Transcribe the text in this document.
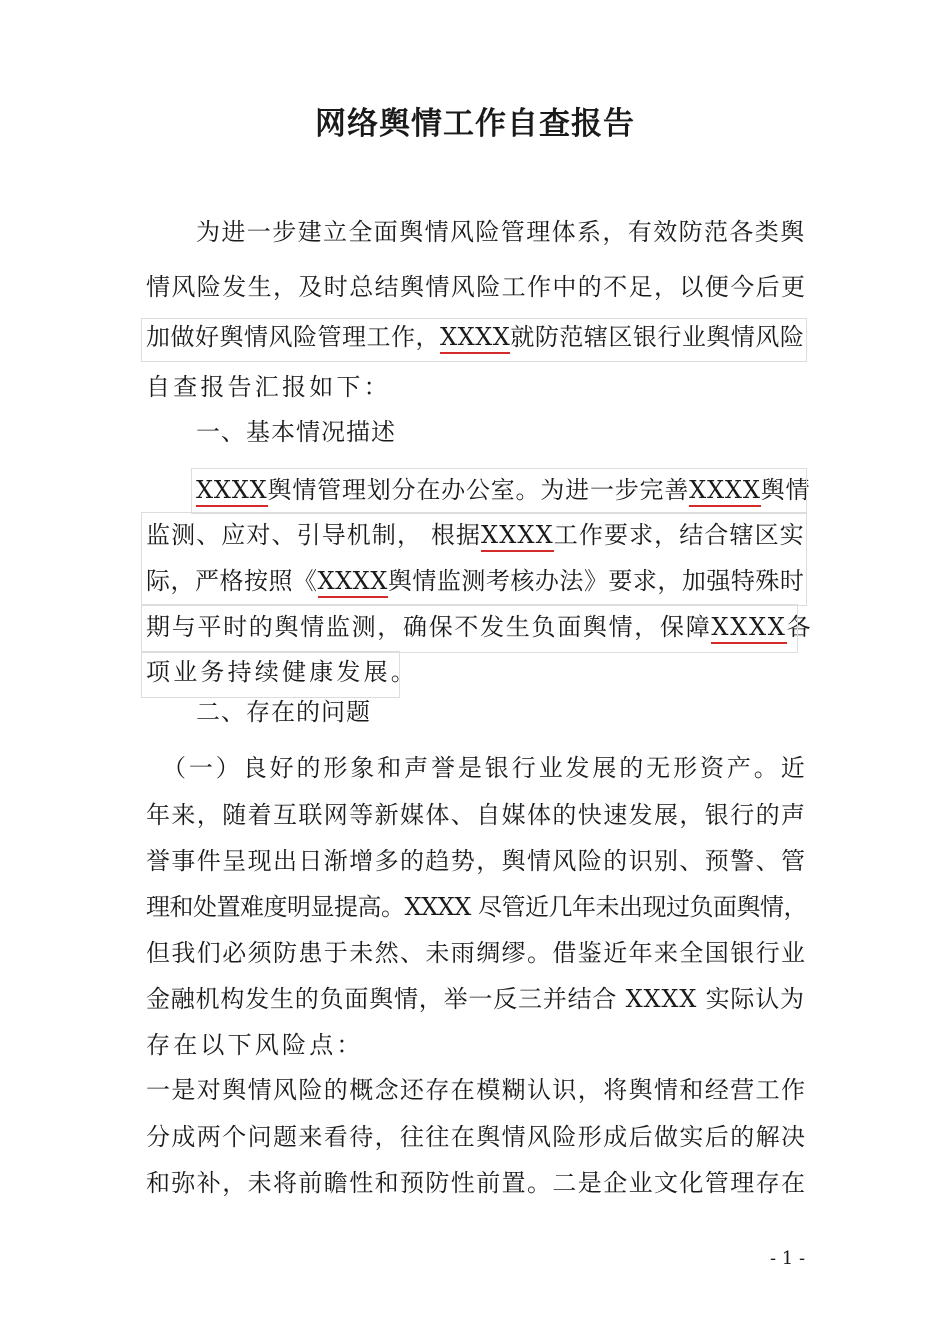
网络舆情工作自查报告
为进一步建立全面舆情风险管理体系，有效防范各类舆
情风险发生，及时总结舆情风险工作中的不足，以便今后更
加做好舆情风险管理工作，XXXX就防范辖区银行业舆情风险
自查报告汇报如下：
一、基本情况描述
XXXX舆情管理划分在办公室。为进一步完善XXXX舆情
监测、应对、引导机制， 根据XXXX工作要求，结合辖区实
际，严格按照《XXXX舆情监测考核办法》要求，加强特殊时
期与平时的舆情监测，确保不发生负面舆情，保障XXXX各
项业务持续健康发展。
二、存在的问题
（一）良好的形象和声誉是银行业发展的无形资产。近
年来，随着互联网等新媒体、自媒体的快速发展，银行的声
誉事件呈现出日渐增多的趋势，舆情风险的识别、预警、管
理和处置难度明显提高。XXXX 尽管近几年未出现过负面舆情，
但我们必须防患于未然、未雨绸缪。借鉴近年来全国银行业
金融机构发生的负面舆情，举一反三并结合 XXXX 实际认为
存在以下风险点：
一是对舆情风险的概念还存在模糊认识，将舆情和经营工作
分成两个问题来看待，往往在舆情风险形成后做实后的解决
和弥补，未将前瞻性和预防性前置。二是企业文化管理存在
- 1 -
